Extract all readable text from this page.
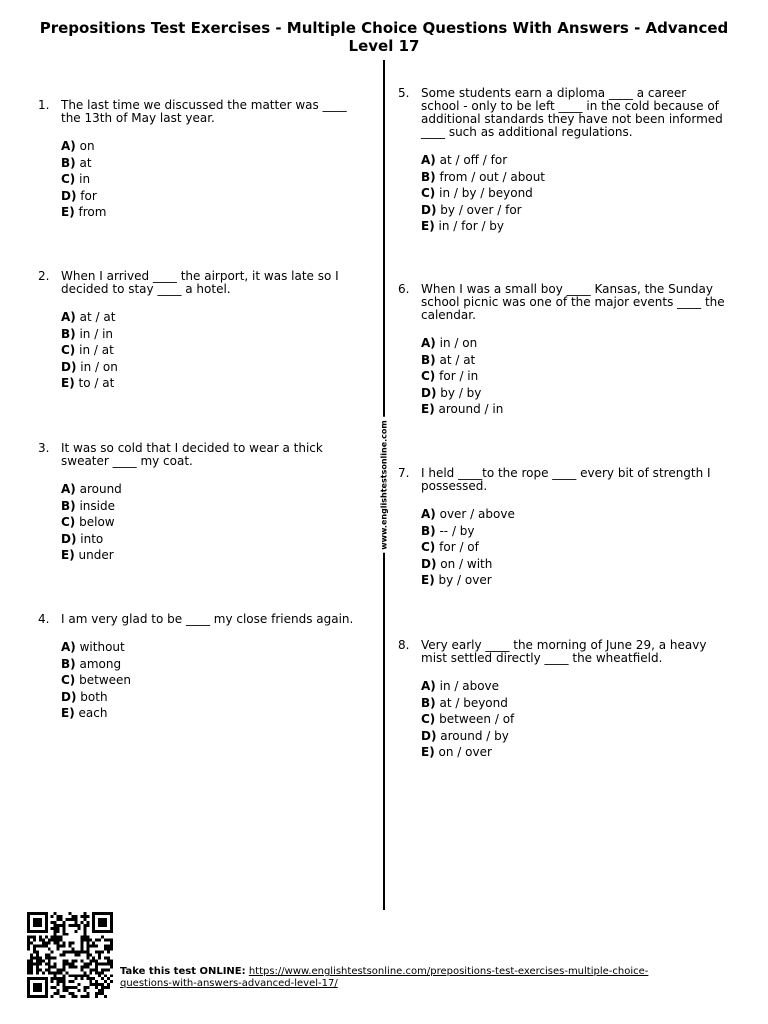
Prepositions Test Exercises - Multiple Choice Questions With Answers - Advanced Level 17
www.englishtestsonline.com
1. The last time we discussed the matter was ____ the 13th of May last year.
A) on
B) at
C) in
D) for
E) from
2. When I arrived ____ the airport, it was late so I decided to stay ____ a hotel.
A) at / at
B) in / in
C) in / at
D) in / on
E) to / at
3. It was so cold that I decided to wear a thick sweater ____ my coat.
A) around
B) inside
C) below
D) into
E) under
4. I am very glad to be ____ my close friends again.
A) without
B) among
C) between
D) both
E) each
5. Some students earn a diploma ____ a career school - only to be left ____ in the cold because of additional standards they have not been informed ____ such as additional regulations.
A) at / off / for
B) from / out / about
C) in / by / beyond
D) by / over / for
E) in / for / by
6. When I was a small boy ____ Kansas, the Sunday school picnic was one of the major events ____ the calendar.
A) in / on
B) at / at
C) for / in
D) by / by
E) around / in
7. I held ____to the rope ____ every bit of strength I possessed.
A) over / above
B) -- / by
C) for / of
D) on / with
E) by / over
8. Very early ____ the morning of June 29, a heavy mist settled directly ____ the wheatfield.
A) in / above
B) at / beyond
C) between / of
D) around / by
E) on / over
Take this test ONLINE: https://www.englishtestsonline.com/prepositions-test-exercises-multiple-choice-questions-with-answers-advanced-level-17/
